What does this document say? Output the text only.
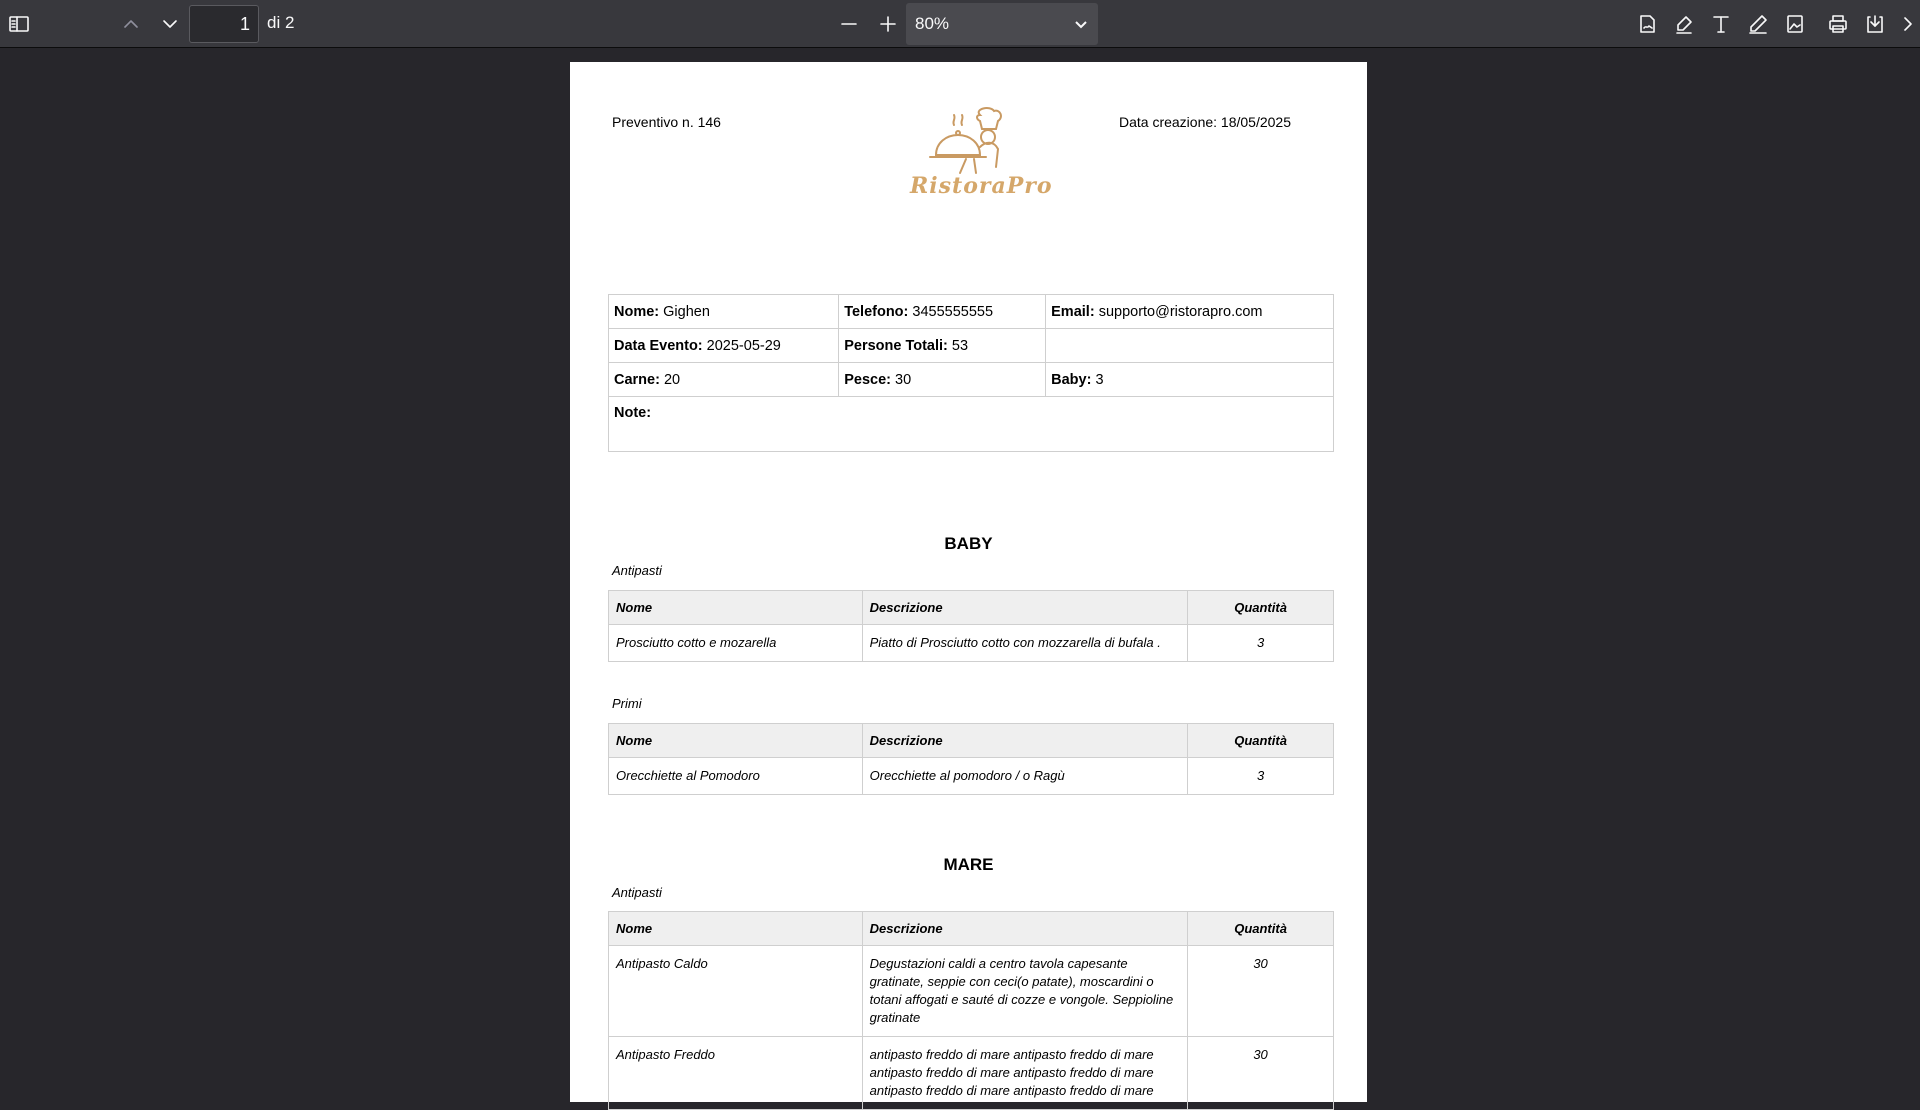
1
di 2	80%
Preventivo n. 146	Data creazione: 18/05/2025
RistoraPro
Nome: Gighen	Telefono: 3455555555	Email: supporto@ristorapro.com
Data Evento: 2025-05-29	Persone Totali: 53	
Carne: 20	Pesce: 30	Baby: 3
Note:		
BABY
Antipasti
Nome	Descrizione	Quantità
Prosciutto cotto e mozarella	Piatto di Prosciutto cotto con mozzarella di bufala .	3
Primi
Nome	Descrizione	Quantità
Orecchiette al Pomodoro	Orecchiette al pomodoro / o Ragù	3
MARE
Antipasti
Nome	Descrizione	Quantità
Antipasto Caldo	Degustazioni caldi a centro tavola capesante gratinate, seppie con ceci(o patate), moscardini o totani affogati e sauté di cozze e vongole. Seppioline gratinate	30
Antipasto Freddo	antipasto freddo di mare antipasto freddo di mare antipasto freddo di mare antipasto freddo di mare antipasto freddo di mare antipasto freddo di mare	30
